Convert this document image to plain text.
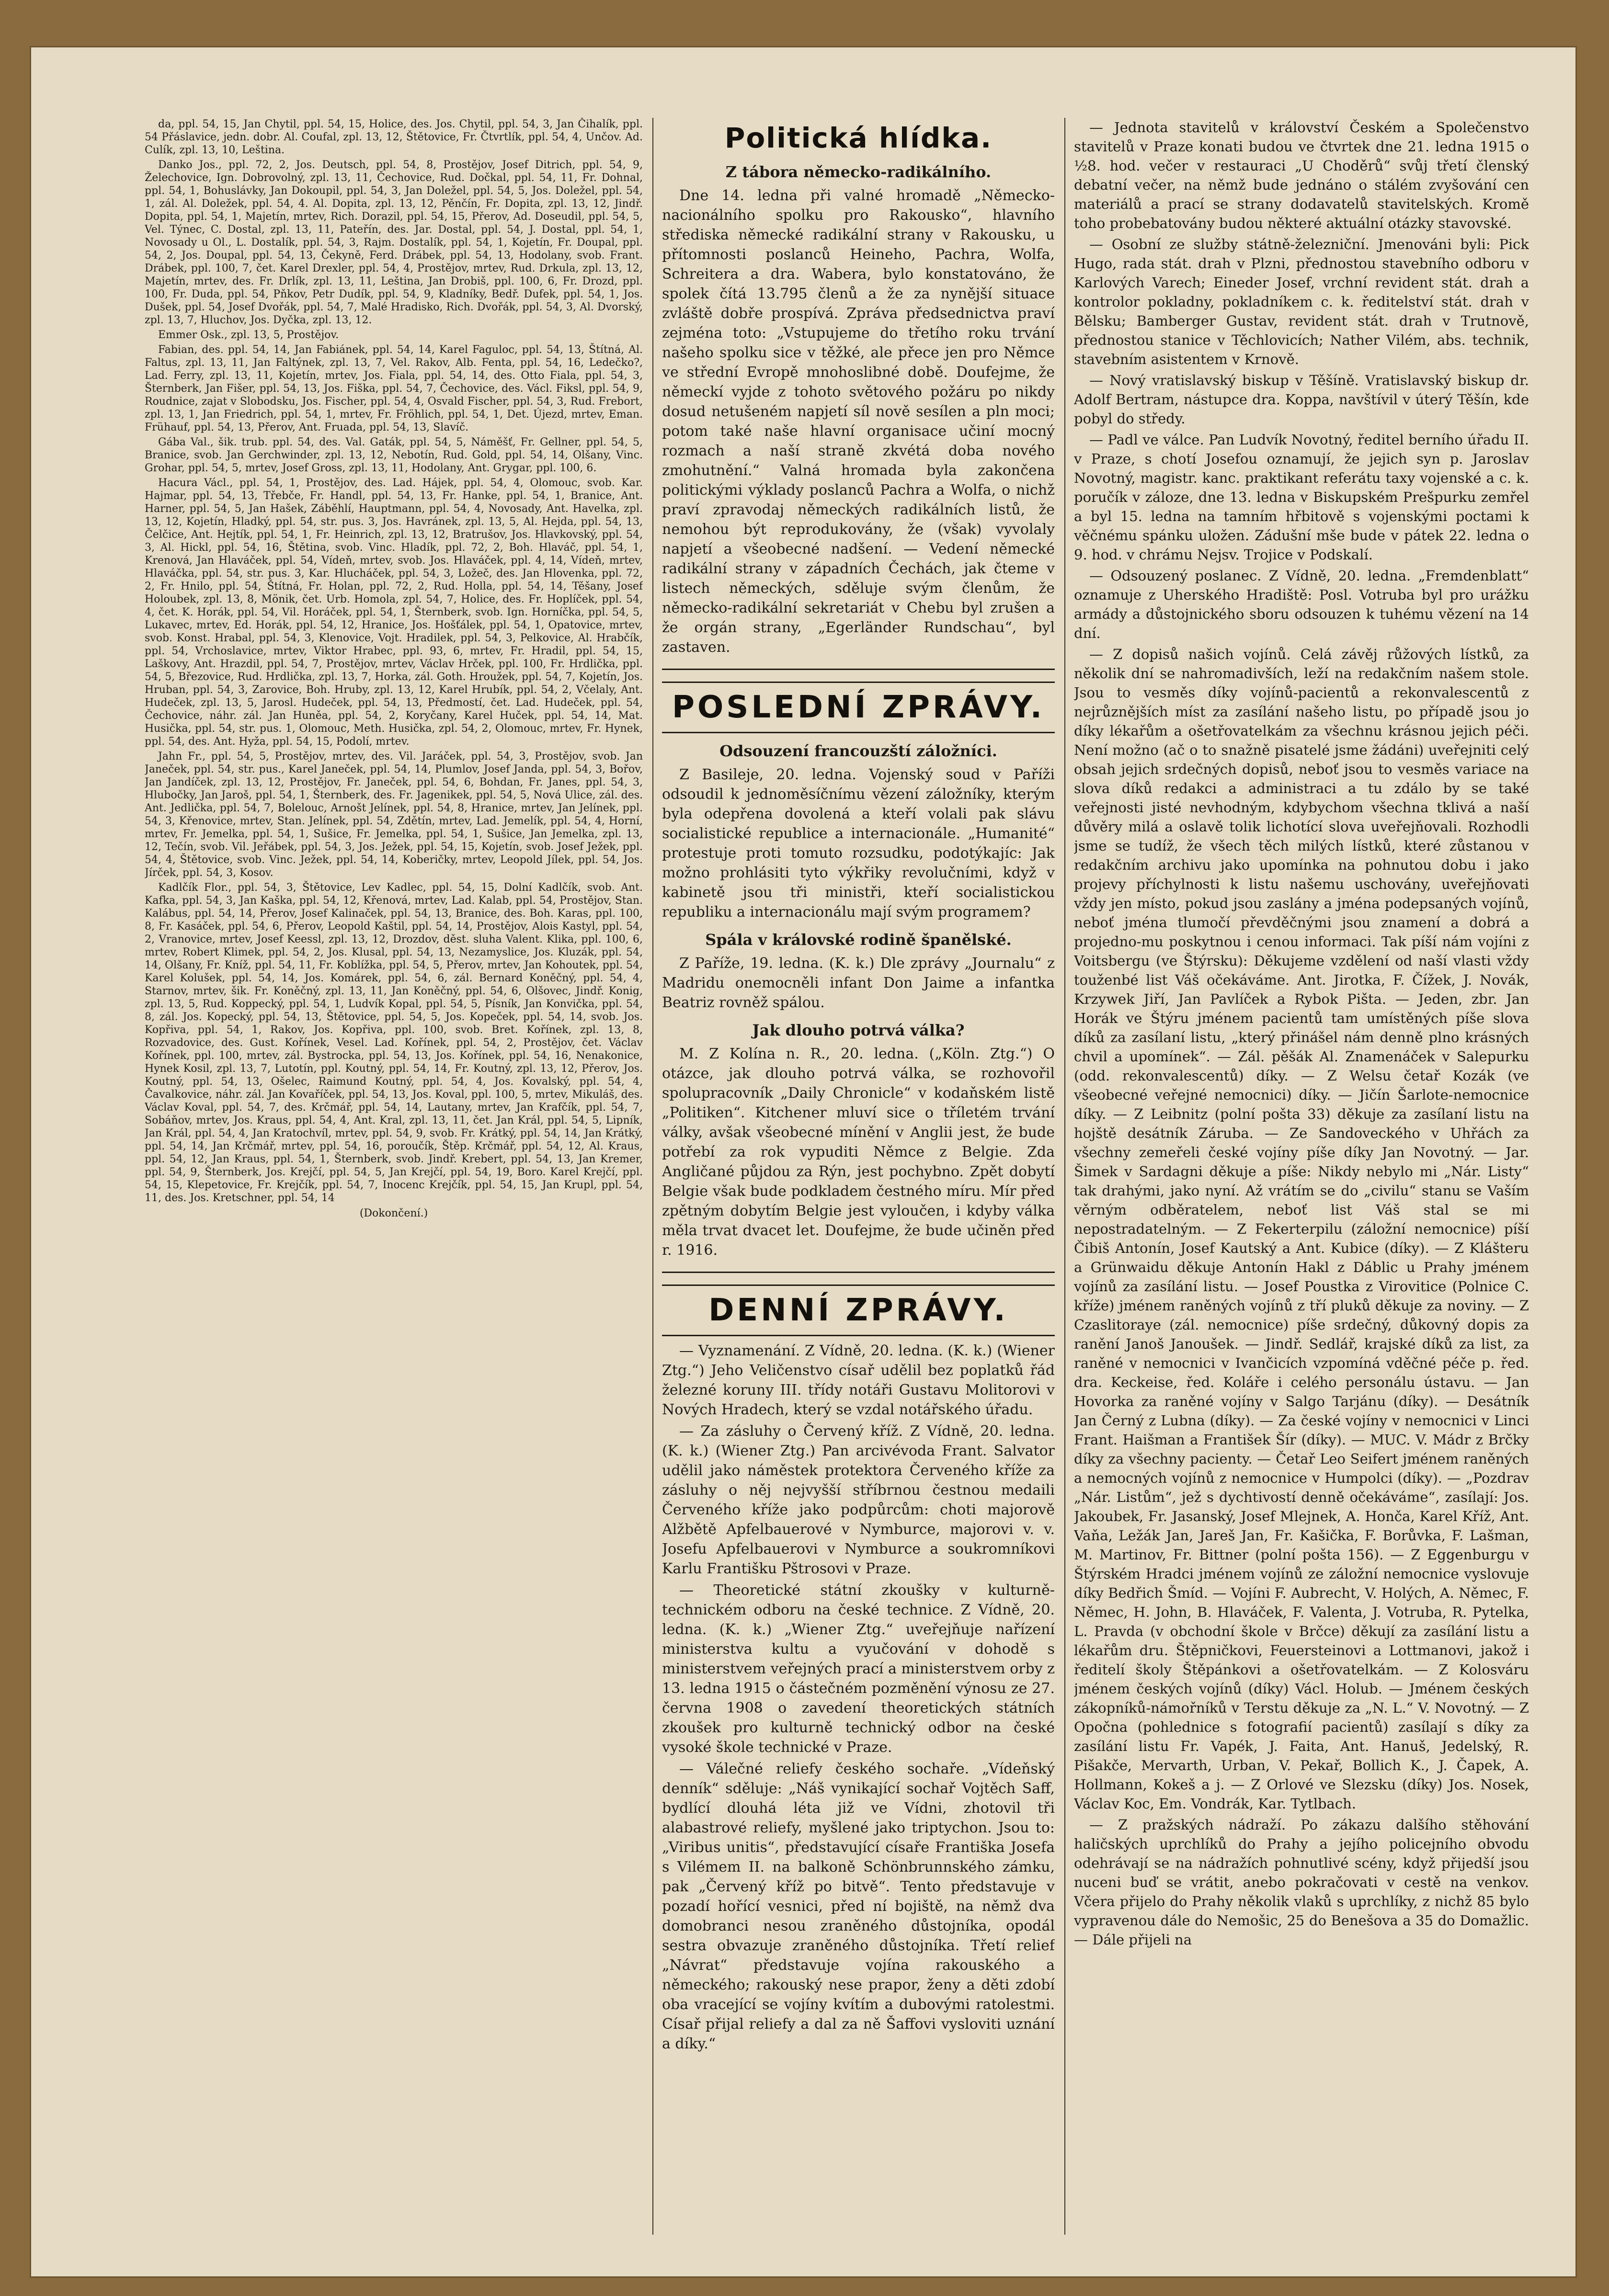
da, ppl. 54, 15, Jan Chytil, ppl. 54, 15, Holice, des. Jos. Chytil, ppl. 54, 3, Jan Čihalík, ppl. 54 Přáslavice, jedn. dobr. Al. Coufal, zpl. 13, 12, Štětovice, Fr. Čtvrtlík, ppl. 54, 4, Unčov. Ad. Culík, zpl. 13, 10, Leština.

Danko Jos., ppl. 72, 2, Jos. Deutsch, ppl. 54, 8, Prostějov, Josef Ditrich, ppl. 54, 9, Želechovice, Ign. Dobrovolný, zpl. 13, 11, Čechovice, Rud. Dočkal, ppl. 54, 11, Fr. Dohnal, ppl. 54, 1, Bohuslávky, Jan Dokoupil, ppl. 54, 3, Jan Doležel, ppl. 54, 5, Jos. Doležel, ppl. 54, 1, zál. Al. Doležek, ppl. 54, 4. Al. Dopita, zpl. 13, 12, Pěnčín, Fr. Dopita, zpl. 13, 12, Jindř. Dopita, ppl. 54, 1, Majetín, mrtev, Rich. Dorazil, ppl. 54, 15, Přerov, Ad. Doseudil, ppl. 54, 5, Vel. Týnec, C. Dostal, zpl. 13, 11, Pateřín, des. Jar. Dostal, ppl. 54, J. Dostal, ppl. 54, 1, Novosady u Ol., L. Dostalík, ppl. 54, 3, Rajm. Dostalík, ppl. 54, 1, Kojetín, Fr. Doupal, ppl. 54, 2, Jos. Doupal, ppl. 54, 13, Čekyně, Ferd. Drábek, ppl. 54, 13, Hodolany, svob. Frant. Drábek, ppl. 100, 7, čet. Karel Drexler, ppl. 54, 4, Prostějov, mrtev, Rud. Drkula, zpl. 13, 12, Majetín, mrtev, des. Fr. Drlík, zpl. 13, 11, Leština, Jan Drobiš, ppl. 100, 6, Fr. Drozd, ppl. 100, Fr. Duda, ppl. 54, Pňkov, Petr Dudík, ppl. 54, 9, Kladníky, Bedř. Dufek, ppl. 54, 1, Jos. Dušek, ppl. 54, Josef Dvořák, ppl. 54, 7, Malé Hradisko, Rich. Dvořák, ppl. 54, 3, Al. Dvorský, zpl. 13, 7, Hluchov, Jos. Dyčka, zpl. 13, 12.

Emmer Osk., zpl. 13, 5, Prostějov.

Fabian, des. ppl. 54, 14, Jan Fabiánek, ppl. 54, 14, Karel Faguloc, ppl. 54, 13, Štítná, Al. Faltus, zpl. 13, 11, Jan Faltýnek, zpl. 13, 7, Vel. Rakov, Alb. Fenta, ppl. 54, 16, Ledečko?, Lad. Ferry, zpl. 13, 11, Kojetín, mrtev, Jos. Fiala, ppl. 54, 14, des. Otto Fiala, ppl. 54, 3, Šternberk, Jan Fišer, ppl. 54, 13, Jos. Fiška, ppl. 54, 7, Čechovice, des. Václ. Fiksl, ppl. 54, 9, Roudnice, zajat v Slobodsku, Jos. Fischer, ppl. 54, 4, Osvald Fischer, ppl. 54, 3, Rud. Frebort, zpl. 13, 1, Jan Friedrich, ppl. 54, 1, mrtev, Fr. Fröhlich, ppl. 54, 1, Det. Újezd, mrtev, Eman. Frühauf, ppl. 54, 13, Přerov, Ant. Fruada, ppl. 54, 13, Slavíč.

Gába Val., šik. trub. ppl. 54, des. Val. Gaták, ppl. 54, 5, Náměšť, Fr. Gellner, ppl. 54, 5, Branice, svob. Jan Gerchwinder, zpl. 13, 12, Nebotín, Rud. Gold, ppl. 54, 14, Olšany, Vinc. Grohar, ppl. 54, 5, mrtev, Josef Gross, zpl. 13, 11, Hodolany, Ant. Grygar, ppl. 100, 6.

Hacura Václ., ppl. 54, 1, Prostějov, des. Lad. Hájek, ppl. 54, 4, Olomouc, svob. Kar. Hajmar, ppl. 54, 13, Třebče, Fr. Handl, ppl. 54, 13, Fr. Hanke, ppl. 54, 1, Branice, Ant. Harner, ppl. 54, 5, Jan Hašek, Záběhlí, Hauptmann, ppl. 54, 4, Novosady, Ant. Havelka, zpl. 13, 12, Kojetín, Hladký, ppl. 54, str. pus. 3, Jos. Havránek, zpl. 13, 5, Al. Hejda, ppl. 54, 13, Čelčice, Ant. Hejtík, ppl. 54, 1, Fr. Heinrich, zpl. 13, 12, Bratrušov, Jos. Hlavkovský, ppl. 54, 3, Al. Hickl, ppl. 54, 16, Štětina, svob. Vinc. Hladík, ppl. 72, 2, Boh. Hlaváč, ppl. 54, 1, Krenová, Jan Hlaváček, ppl. 54, Vídeň, mrtev, svob. Jos. Hlaváček, ppl. 4, 14, Vídeň, mrtev, Hlaváčka, ppl. 54, str. pus. 3, Kar. Hlucháček, ppl. 54, 3, Ložeč, des. Jan Hlovenka, ppl. 72, 2, Fr. Hnilo, ppl. 54, Štítná, Fr. Holan, ppl. 72, 2, Rud. Holla, ppl. 54, 14, Těšany, Josef Holoubek, zpl. 13, 8, Mönik, čet. Urb. Homola, zpl. 54, 7, Holice, des. Fr. Hoplíček, ppl. 54, 4, čet. K. Horák, ppl. 54, Vil. Horáček, ppl. 54, 1, Šternberk, svob. Ign. Horníčka, ppl. 54, 5, Lukavec, mrtev, Ed. Horák, ppl. 54, 12, Hranice, Jos. Hošťálek, ppl. 54, 1, Opatovice, mrtev, svob. Konst. Hrabal, ppl. 54, 3, Klenovice, Vojt. Hradilek, ppl. 54, 3, Pelkovice, Al. Hrabčík, ppl. 54, Vrchoslavice, mrtev, Viktor Hrabec, ppl. 93, 6, mrtev, Fr. Hradil, ppl. 54, 15, Laškovy, Ant. Hrazdil, ppl. 54, 7, Prostějov, mrtev, Václav Hrček, ppl. 100, Fr. Hrdlička, ppl. 54, 5, Březovice, Rud. Hrdlička, zpl. 13, 7, Horka, zál. Goth. Hroužek, ppl. 54, 7, Kojetín, Jos. Hruban, ppl. 54, 3, Zarovice, Boh. Hruby, zpl. 13, 12, Karel Hrubík, ppl. 54, 2, Včelaly, Ant. Hudeček, zpl. 13, 5, Jarosl. Hudeček, ppl. 54, 13, Předmostí, čet. Lad. Hudeček, ppl. 54, Čechovice, náhr. zál. Jan Huněa, ppl. 54, 2, Koryčany, Karel Huček, ppl. 54, 14, Mat. Husička, ppl. 54, str. pus. 1, Olomouc, Meth. Husička, zpl. 54, 2, Olomouc, mrtev, Fr. Hynek, ppl. 54, des. Ant. Hyža, ppl. 54, 15, Podolí, mrtev.

Jahn Fr., ppl. 54, 5, Prostějov, mrtev, des. Vil. Jaráček, ppl. 54, 3, Prostějov, svob. Jan Janeček, ppl. 54, str. pus., Karel Janeček, ppl. 54, 14, Plumlov, Josef Janda, ppl. 54, 3, Bořov, Jan Jandíček, zpl. 13, 12, Prostějov, Fr. Janeček, ppl. 54, 6, Bohdan, Fr. Janes, ppl. 54, 3, Hlubočky, Jan Jaroš, ppl. 54, 1, Šternberk, des. Fr. Jagenikek, ppl. 54, 5, Nová Ulice, zál. des. Ant. Jedlička, ppl. 54, 7, Bolelouc, Arnošt Jelínek, ppl. 54, 8, Hranice, mrtev, Jan Jelínek, ppl. 54, 3, Křenovice, mrtev, Stan. Jelínek, ppl. 54, Zdětín, mrtev, Lad. Jemelík, ppl. 54, 4, Horní, mrtev, Fr. Jemelka, ppl. 54, 1, Sušice, Fr. Jemelka, ppl. 54, 1, Sušice, Jan Jemelka, zpl. 13, 12, Tečín, svob. Vil. Jeřábek, ppl. 54, 3, Jos. Ježek, ppl. 54, 15, Kojetín, svob. Josef Ježek, ppl. 54, 4, Štětovice, svob. Vinc. Ježek, ppl. 54, 14, Koberičky, mrtev, Leopold Jílek, ppl. 54, Jos. Jírček, ppl. 54, 3, Kosov.

Kadlčík Flor., ppl. 54, 3, Štětovice, Lev Kadlec, ppl. 54, 15, Dolní Kadlčík, svob. Ant. Kafka, ppl. 54, 3, Jan Kaška, ppl. 54, 12, Křenová, mrtev, Lad. Kalab, ppl. 54, Prostějov, Stan. Kalábus, ppl. 54, 14, Přerov, Josef Kalinaček, ppl. 54, 13, Branice, des. Boh. Karas, ppl. 100, 8, Fr. Kasáček, ppl. 54, 6, Přerov, Leopold Kaštil, ppl. 54, 14, Prostějov, Alois Kastyl, ppl. 54, 2, Vranovice, mrtev, Josef Keessl, zpl. 13, 12, Drozdov, děst. sluha Valent. Klika, ppl. 100, 6, mrtev, Robert Klimek, ppl. 54, 2, Jos. Klusal, ppl. 54, 13, Nezamyslice, Jos. Kluzák, ppl. 54, 14, Olšany, Fr. Kníž, ppl. 54, 11, Fr. Koblížka, ppl. 54, 5, Přerov, mrtev, Jan Kohoutek, ppl. 54, Karel Kolušek, ppl. 54, 14, Jos. Komárek, ppl. 54, 6, zál. Bernard Koněčný, ppl. 54, 4, Starnov, mrtev, šik. Fr. Koněčný, zpl. 13, 11, Jan Koněčný, ppl. 54, 6, Olšovec, Jindř. Konig, zpl. 13, 5, Rud. Koppecký, ppl. 54, 1, Ludvík Kopal, ppl. 54, 5, Písník, Jan Konvička, ppl. 54, 8, zál. Jos. Kopecký, ppl. 54, 13, Štětovice, ppl. 54, 5, Jos. Kopeček, ppl. 54, 14, svob. Jos. Kopřiva, ppl. 54, 1, Rakov, Jos. Kopřiva, ppl. 100, svob. Bret. Kořínek, zpl. 13, 8, Rozvadovice, des. Gust. Kořínek, Vesel. Lad. Kořínek, ppl. 54, 2, Prostějov, čet. Václav Kořínek, ppl. 100, mrtev, zál. Bystrocka, ppl. 54, 13, Jos. Kořínek, ppl. 54, 16, Nenakonice, Hynek Kosil, zpl. 13, 7, Lutotín, ppl. Koutný, ppl. 54, 14, Fr. Koutný, zpl. 13, 12, Přerov, Jos. Koutný, ppl. 54, 13, Ošelec, Raimund Koutný, ppl. 54, 4, Jos. Kovalský, ppl. 54, 4, Čavalkovice, náhr. zál. Jan Kovaříček, ppl. 54, 13, Jos. Koval, ppl. 100, 5, mrtev, Mikuláš, des. Václav Koval, ppl. 54, 7, des. Krčmář, ppl. 54, 14, Lautany, mrtev, Jan Krafčík, ppl. 54, 7, Sobáňov, mrtev, Jos. Kraus, ppl. 54, 4, Ant. Kral, zpl. 13, 11, čet. Jan Král, ppl. 54, 5, Lipník, Jan Král, ppl. 54, 4, Jan Kratochvíl, mrtev, ppl. 54, 9, svob. Fr. Krátký, ppl. 54, 14, Jan Krátký, ppl. 54, 14, Jan Krčmář, mrtev, ppl. 54, 16, poroučík, Štěp. Krčmář, ppl. 54, 12, Al. Kraus, ppl. 54, 12, Jan Kraus, ppl. 54, 1, Šternberk, svob. Jindř. Krebert, ppl. 54, 13, Jan Kremer, ppl. 54, 9, Šternberk, Jos. Krejčí, ppl. 54, 5, Jan Krejčí, ppl. 54, 19, Boro. Karel Krejčí, ppl. 54, 15, Klepetovice, Fr. Krejčík, ppl. 54, 7, Inocenc Krejčík, ppl. 54, 15, Jan Krupl, ppl. 54, 11, des. Jos. Kretschner, ppl. 54, 14

(Dokončení.)
Politická hlídka.
Z tábora německo-radikálního.

Dne 14. ledna při valné hromadě „Německo-nacionálního spolku pro Rakousko“, hlavního střediska německé radikální strany v Rakousku, u přítomnosti poslanců Heineho, Pachra, Wolfa, Schreitera a dra. Wabera, bylo konstatováno, že spolek čítá 13.795 členů a že za nynější situace zvláště dobře prospívá. Zpráva předsednictva praví zejména toto: „Vstupujeme do třetího roku trvání našeho spolku sice v těžké, ale přece jen pro Němce ve střední Evropě mnohoslibné době. Doufejme, že německí vyjde z tohoto světového požáru po nikdy dosud netušeném napjetí síl nově sesílen a pln moci; potom také naše hlavní organisace učiní mocný rozmach a naší straně zkvétá doba nového zmohutnění.“ Valná hromada byla zakončena politickými výklady poslanců Pachra a Wolfa, o nichž praví zpravodaj německých radikálních listů, že nemohou být reprodukovány, že (však) vyvolaly napjetí a všeobecné nadšení. — Vedení německé radikální strany v západních Čechách, jak čteme v listech německých, sděluje svým členům, že německo-radikální sekretariát v Chebu byl zrušen a že orgán strany, „Egerländer Rundschau“, byl zastaven.

POSLEDNÍ ZPRÁVY.
Odsouzení francouzští záložníci.

Z Basileje, 20. ledna. Vojenský soud v Paříži odsoudil k jednoměsíčnímu vězení záložníky, kterým byla odepřena dovolená a kteří volali pak slávu socialistické republice a internacionále. „Humanité“ protestuje proti tomuto rozsudku, podotýkajíc: Jak možno prohlásiti tyto výkřiky revolučními, když v kabinetě jsou tři ministři, kteří socialistickou republiku a internacionálu mají svým programem?

Spála v královské rodině španělské.

Z Paříže, 19. ledna. (K. k.) Dle zprávy „Journalu“ z Madridu onemocněli infant Don Jaime a infantka Beatriz rovněž spálou.

Jak dlouho potrvá válka?

M. Z Kolína n. R., 20. ledna. („Köln. Ztg.“) O otázce, jak dlouho potrvá válka, se rozhovořil spolupracovník „Daily Chronicle“ v kodaňském listě „Politiken“. Kitchener mluví sice o tříletém trvání války, avšak všeobecné mínění v Anglii jest, že bude potřebí za rok vypuditi Němce z Belgie. Zda Angličané půjdou za Rýn, jest pochybno. Zpět dobytí Belgie však bude podkladem čestného míru. Mír před zpětným dobytím Belgie jest vyloučen, i kdyby válka měla trvat dvacet let. Doufejme, že bude učiněn před r. 1916.

DENNÍ ZPRÁVY.

— Vyznamenání. Z Vídně, 20. ledna. (K. k.) (Wiener Ztg.“) Jeho Veličenstvo císař udělil bez poplatků řád železné koruny III. třídy notáři Gustavu Molitorovi v Nových Hradech, který se vzdal notářského úřadu.

— Za zásluhy o Červený kříž. Z Vídně, 20. ledna. (K. k.) (Wiener Ztg.) Pan arcivévoda Frant. Salvator udělil jako náměstek protektora Červeného kříže za zásluhy o něj nejvyšší stříbrnou čestnou medaili Červeného kříže jako podpůrcům: choti majorově Alžbětě Apfelbauerové v Nymburce, majorovi v. v. Josefu Apfelbauerovi v Nymburce a soukromníkovi Karlu Františku Pštrosovi v Praze.

— Theoretické státní zkoušky v kulturně-technickém odboru na české technice. Z Vídně, 20. ledna. (K. k.) „Wiener Ztg.“ uveřejňuje nařízení ministerstva kultu a vyučování v dohodě s ministerstvem veřejných prací a ministerstvem orby z 13. ledna 1915 o částečném pozměnění výnosu ze 27. června 1908 o zavedení theoretických státních zkoušek pro kulturně technický odbor na české vysoké škole technické v Praze.

— Válečné reliefy českého sochaře. „Vídeňský denník“ sděluje: „Náš vynikající sochař Vojtěch Saff, bydlící dlouhá léta již ve Vídni, zhotovil tři alabastrové reliefy, myšlené jako triptychon. Jsou to: „Viribus unitis“, představující císaře Františka Josefa s Vilémem II. na balkoně Schönbrunnského zámku, pak „Červený kříž po bitvě“. Tento představuje v pozadí hořící vesnici, před ní bojiště, na němž dva domobranci nesou zraněného důstojníka, opodál sestra obvazuje zraněného důstojníka. Třetí relief „Návrat“ představuje vojína rakouského a německého; rakouský nese prapor, ženy a děti zdobí oba vracející se vojíny kvítím a dubovými ratolestmi. Císař přijal reliefy a dal za ně Šaffovi vysloviti uznání a díky.“

— Jednota stavitelů v království Českém a Společenstvo stavitelů v Praze konati budou ve čtvrtek dne 21. ledna 1915 o ½8. hod. večer v restauraci „U Choděrů“ svůj třetí členský debatní večer, na němž bude jednáno o stálém zvyšování cen materiálů a prací se strany dodavatelů stavitelských. Kromě toho probebatovány budou některé aktuální otázky stavovské.

— Osobní ze služby státně-železniční. Jmenováni byli: Pick Hugo, rada stát. drah v Plzni, přednostou stavebního odboru v Karlových Varech; Eineder Josef, vrchní revident stát. drah a kontrolor pokladny, pokladníkem c. k. ředitelství stát. drah v Bělsku; Bamberger Gustav, revident stát. drah v Trutnově, přednostou stanice v Těchlovicích; Nather Vilém, abs. technik, stavebním asistentem v Krnově.

— Nový vratislavský biskup v Těšíně. Vratislavský biskup dr. Adolf Bertram, nástupce dra. Koppa, navštívil v úterý Těšín, kde pobyl do středy.

— Padl ve válce. Pan Ludvík Novotný, ředitel berního úřadu II. v Praze, s chotí Josefou oznamují, že jejich syn p. Jaroslav Novotný, magistr. kanc. praktikant referátu taxy vojenské a c. k. poručík v záloze, dne 13. ledna v Biskupském Prešpurku zemřel a byl 15. ledna na tamním hřbitově s vojenskými poctami k věčnému spánku uložen. Zádušní mše bude v pátek 22. ledna o 9. hod. v chrámu Nejsv. Trojice v Podskalí.

— Odsouzený poslanec. Z Vídně, 20. ledna. „Fremdenblatt“ oznamuje z Uherského Hradiště: Posl. Votruba byl pro urážku armády a důstojnického sboru odsouzen k tuhému vězení na 14 dní.

— Z dopisů našich vojínů. Celá závěj růžových lístků, za několik dní se nahromadivších, leží na redakčním našem stole. Jsou to vesměs díky vojínů-pacientů a rekonvalescentů z nejrůznějších míst za zasílání našeho listu, po případě jsou jo díky lékařům a ošetřovatelkám za všechnu krásnou jejich péči. Není možno (ač o to snažně pisatelé jsme žádáni) uveřejniti celý obsah jejich srdečných dopisů, neboť jsou to vesměs variace na slova díků redakci a administraci a tu zdálo by se také veřejnosti jisté nevhodným, kdybychom všechna tklivá a naší důvěry milá a oslavě tolik lichotící slova uveřejňovali. Rozhodli jsme se tudíž, že všech těch milých lístků, které zůstanou v redakčním archivu jako upomínka na pohnutou dobu i jako projevy příchylnosti k listu našemu uschovány, uveřejňovati vždy jen místo, pokud jsou zaslány a jména podepsaných vojínů, neboť jména tlumočí převděčnými jsou znamení a dobrá a projedno-mu poskytnou i cenou informaci. Tak píší nám vojíni z Voitsbergu (ve Štýrsku): Děkujeme vzdělení od naší vlasti vždy touženbé list Váš očekáváme. Ant. Jirotka, F. Čížek, J. Novák, Krzywek Jiří, Jan Pavlíček a Rybok Pišta. — Jeden, zbr. Jan Horák ve Štýru jménem pacientů tam umístěných píše slova díků za zasílaní listu, „který přinášel nám denně plno krásných chvil a upomínek“. — Zál. pěšák Al. Znamenáček v Salepurku (odd. rekonvalescentů) díky. — Z Welsu četař Kozák (ve všeobecné veřejné nemocnici) díky. — Jičín Šarlote-nemocnice díky. — Z Leibnitz (polní pošta 33) děkuje za zasílaní listu na hojště desátník Záruba. — Ze Sandoveckého v Uhřách za všechny zemeřeli české vojíny píše díky Jan Novotný. — Jar. Šimek v Sardagni děkuje a píše: Nikdy nebylo mi „Nár. Listy“ tak drahými, jako nyní. Až vrátím se do „civilu“ stanu se Vaším věrným odběratelem, neboť list Váš stal se mi nepostradatelným. — Z Fekerterpilu (záložní nemocnice) píší Čibiš Antonín, Josef Kautský a Ant. Kubice (díky). — Z Klášteru a Grünwaidu děkuje Antonín Hakl z Dáblic u Prahy jménem vojínů za zasílání listu. — Josef Poustka z Virovitice (Polnice C. kříže) jménem raněných vojínů z tří pluků děkuje za noviny. — Z Czaslitoraye (zál. nemocnice) píše srdečný, důkovný dopis za ranění Janoš Janoušek. — Jindř. Sedlář, krajské díků za list, za raněné v nemocnici v Ivančicích vzpomíná vděčné péče p. řed. dra. Keckeise, řed. Koláře i celého personálu ústavu. — Jan Hovorka za raněné vojíny v Salgo Tarjánu (díky). — Desátník Jan Černý z Lubna (díky). — Za české vojíny v nemocnici v Linci Frant. Haišman a František Šír (díky). — MUC. V. Mádr z Brčky díky za všechny pacienty. — Četař Leo Seifert jménem raněných a nemocných vojínů z nemocnice v Humpolci (díky). — „Pozdrav „Nár. Listům“, jež s dychtivostí denně očekáváme“, zasílají: Jos. Jakoubek, Fr. Jasanský, Josef Mlejnek, A. Honča, Karel Kříž, Ant. Vaňa, Ležák Jan, Jareš Jan, Fr. Kašička, F. Borůvka, F. Lašman, M. Martinov, Fr. Bittner (polní pošta 156). — Z Eggenburgu v Štýrském Hradci jménem vojínů ze záložní nemocnice vyslovuje díky Bedřich Šmíd. — Vojíni F. Aubrecht, V. Holých, A. Němec, F. Němec, H. John, B. Hlaváček, F. Valenta, J. Votruba, R. Pytelka, L. Pravda (v obchodní škole v Brčce) děkují za zasílání listu a lékařům dru. Štěpničkovi, Feuersteinovi a Lottmanovi, jakož i ředitelí školy Štěpánkovi a ošetřovatelkám. — Z Kolosváru jménem českých vojínů (díky) Václ. Holub. — Jménem českých zákopníků-námořníků v Terstu děkuje za „N. L.“ V. Novotný. — Z Opočna (pohlednice s fotografií pacientů) zasílají s díky za zasílání listu Fr. Vapék, J. Faita, Ant. Hanuš, Jedelský, R. Pišakče, Mervarth, Urban, V. Pekař, Bollich K., J. Čapek, A. Hollmann, Kokeš a j. — Z Orlové ve Slezsku (díky) Jos. Nosek, Václav Koc, Em. Vondrák, Kar. Tytlbach.

— Z pražských nádraží. Po zákazu dalšího stěhování haličských uprchlíků do Prahy a jejího policejního obvodu odehrávají se na nádražích pohnutlivé scény, když přijedší jsou nuceni buď se vrátit, anebo pokračovati v cestě na venkov. Včera přijelo do Prahy několik vlaků s uprchlíky, z nichž 85 bylo vypravenou dále do Nemošic, 25 do Benešova a 35 do Domažlic. — Dále přijeli na
